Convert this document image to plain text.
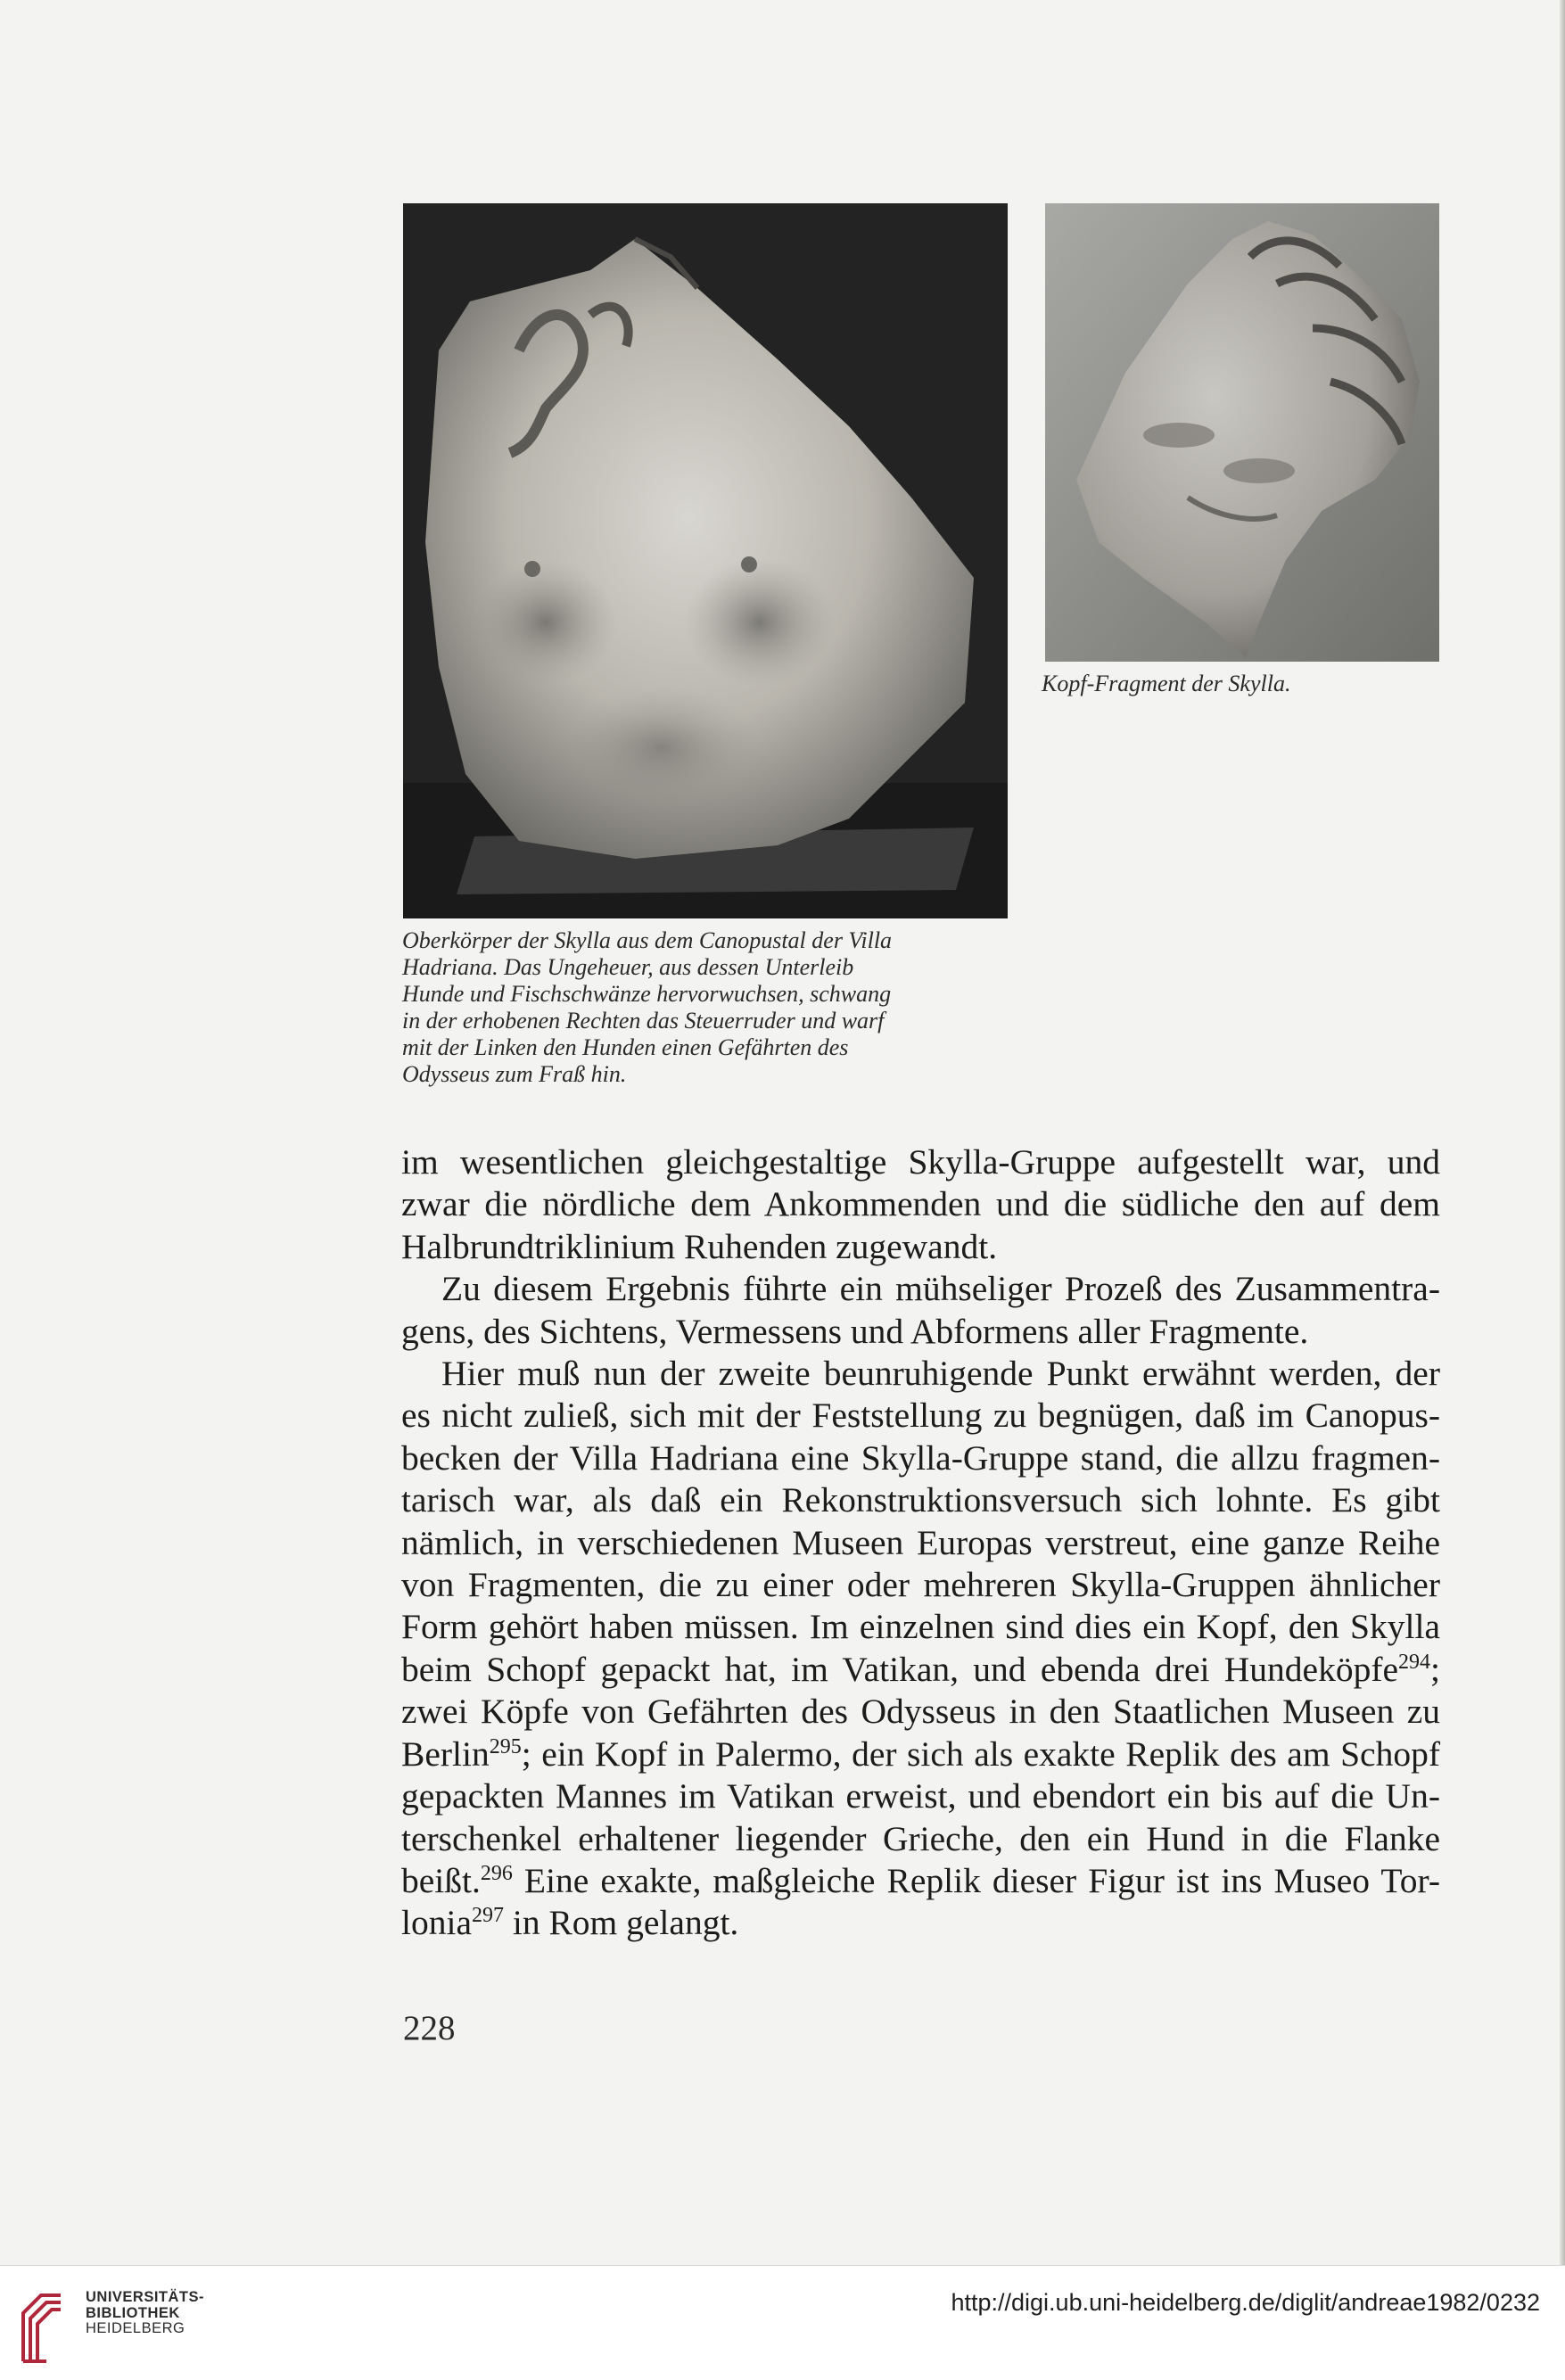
Kopf-Fragment der Skylla.
Oberkörper der Skylla aus dem Canopustal der Villa
Hadriana. Das Ungeheuer, aus dessen Unterleib
Hunde und Fischschwänze hervorwuchsen, schwang
in der erhobenen Rechten das Steuerruder und warf
mit der Linken den Hunden einen Gefährten des
Odysseus zum Fraß hin.
im wesentlichen gleichgestaltige Skylla-Gruppe aufgestellt war, und
zwar die nördliche dem Ankommenden und die südliche den auf dem
Halbrundtriklinium Ruhenden zugewandt.
Zu diesem Ergebnis führte ein mühseliger Prozeß des Zusammentra-
gens, des Sichtens, Vermessens und Abformens aller Fragmente.
Hier muß nun der zweite beunruhigende Punkt erwähnt werden, der
es nicht zuließ, sich mit der Feststellung zu begnügen, daß im Canopus-
becken der Villa Hadriana eine Skylla-Gruppe stand, die allzu fragmen-
tarisch war, als daß ein Rekonstruktionsversuch sich lohnte. Es gibt
nämlich, in verschiedenen Museen Europas verstreut, eine ganze Reihe
von Fragmenten, die zu einer oder mehreren Skylla-Gruppen ähnlicher
Form gehört haben müssen. Im einzelnen sind dies ein Kopf, den Skylla
beim Schopf gepackt hat, im Vatikan, und ebenda drei Hundeköpfe$^{294}$;
zwei Köpfe von Gefährten des Odysseus in den Staatlichen Museen zu
Berlin$^{295}$; ein Kopf in Palermo, der sich als exakte Replik des am Schopf
gepackten Mannes im Vatikan erweist, und ebendort ein bis auf die Un-
terschenkel erhaltener liegender Grieche, den ein Hund in die Flanke
beißt.$^{296}$ Eine exakte, maßgleiche Replik dieser Figur ist ins Museo Tor-
lonia$^{297}$ in Rom gelangt.
228
UNIVERSITÄTS-
BIBLIOTHEK
HEIDELBERG
http://digi.ub.uni-heidelberg.de/diglit/andreae1982/0232
